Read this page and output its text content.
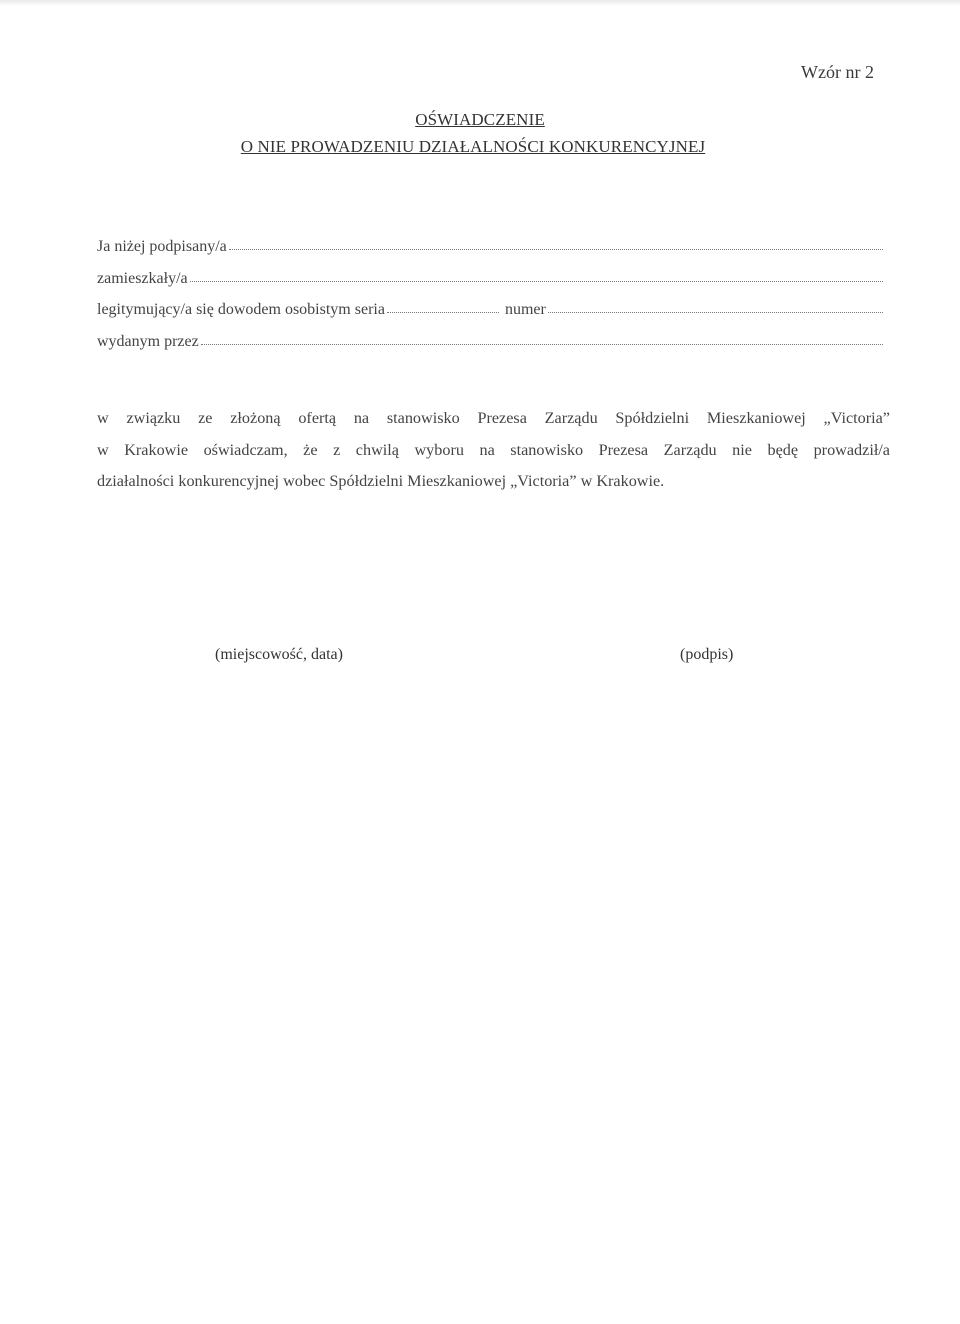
Wzór nr 2
OŚWIADCZENIE
O NIE PROWADZENIU DZIAŁALNOŚCI KONKURENCYJNEJ
Ja niżej podpisany/a
zamieszkały/a
legitymujący/a się dowodem osobistym seria	numer
wydanym przez
w związku ze złożoną ofertą na stanowisko Prezesa Zarządu Spółdzielni Mieszkaniowej „Victoria”
w Krakowie oświadczam, że z chwilą wyboru na stanowisko Prezesa Zarządu nie będę prowadził/a
działalności konkurencyjnej wobec Spółdzielni Mieszkaniowej „Victoria” w Krakowie.
(miejscowość, data)	(podpis)
